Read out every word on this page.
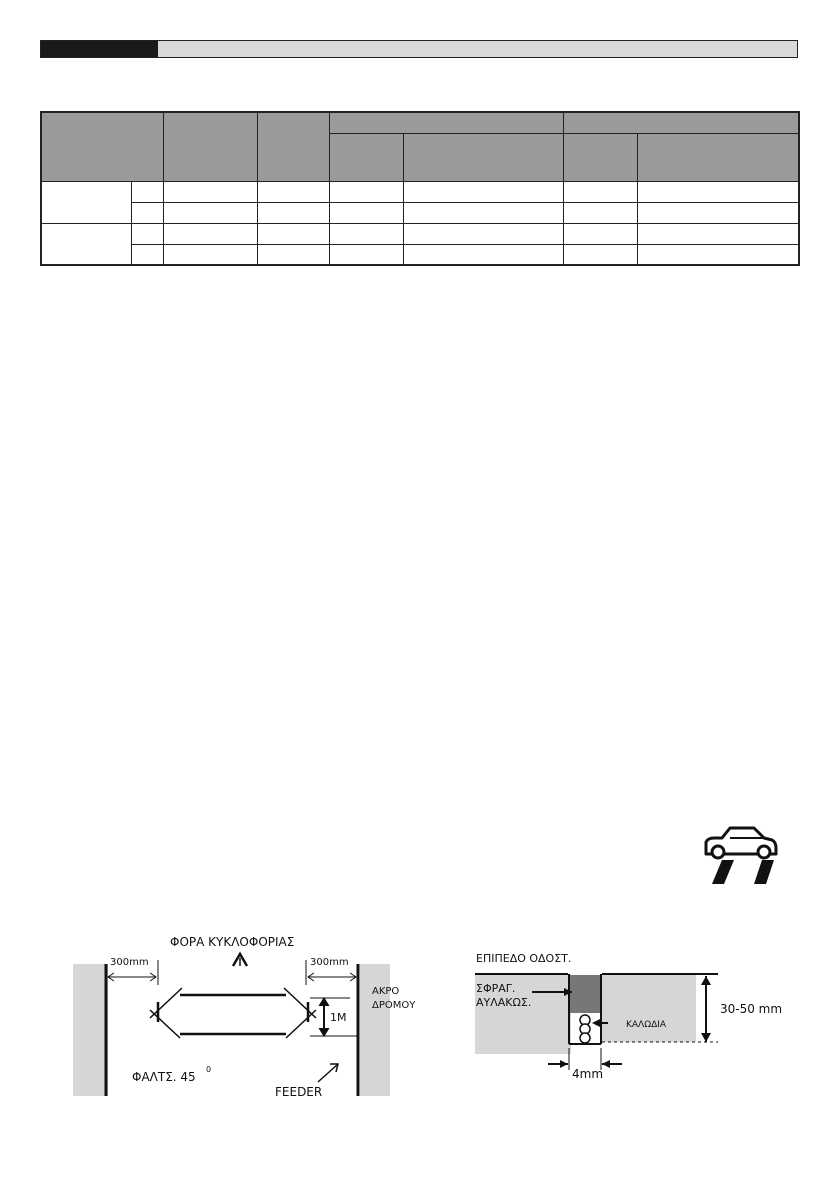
ΦΟΡΑ ΚΥΚΛΟΦΟΡΙΑΣ
300mm	300mm
1M
ΑΚΡΟ
ΔΡΟΜΟΥ
ΦΑΛΤΣ. 45
0
FEEDER
ΕΠΙΠΕΔΟ ΟΔΟΣΤ.
ΣΦΡΑΓ.
ΑΥΛΑΚΩΣ.
ΚΑΛΩΔΙΑ
30-50 mm
4mm
